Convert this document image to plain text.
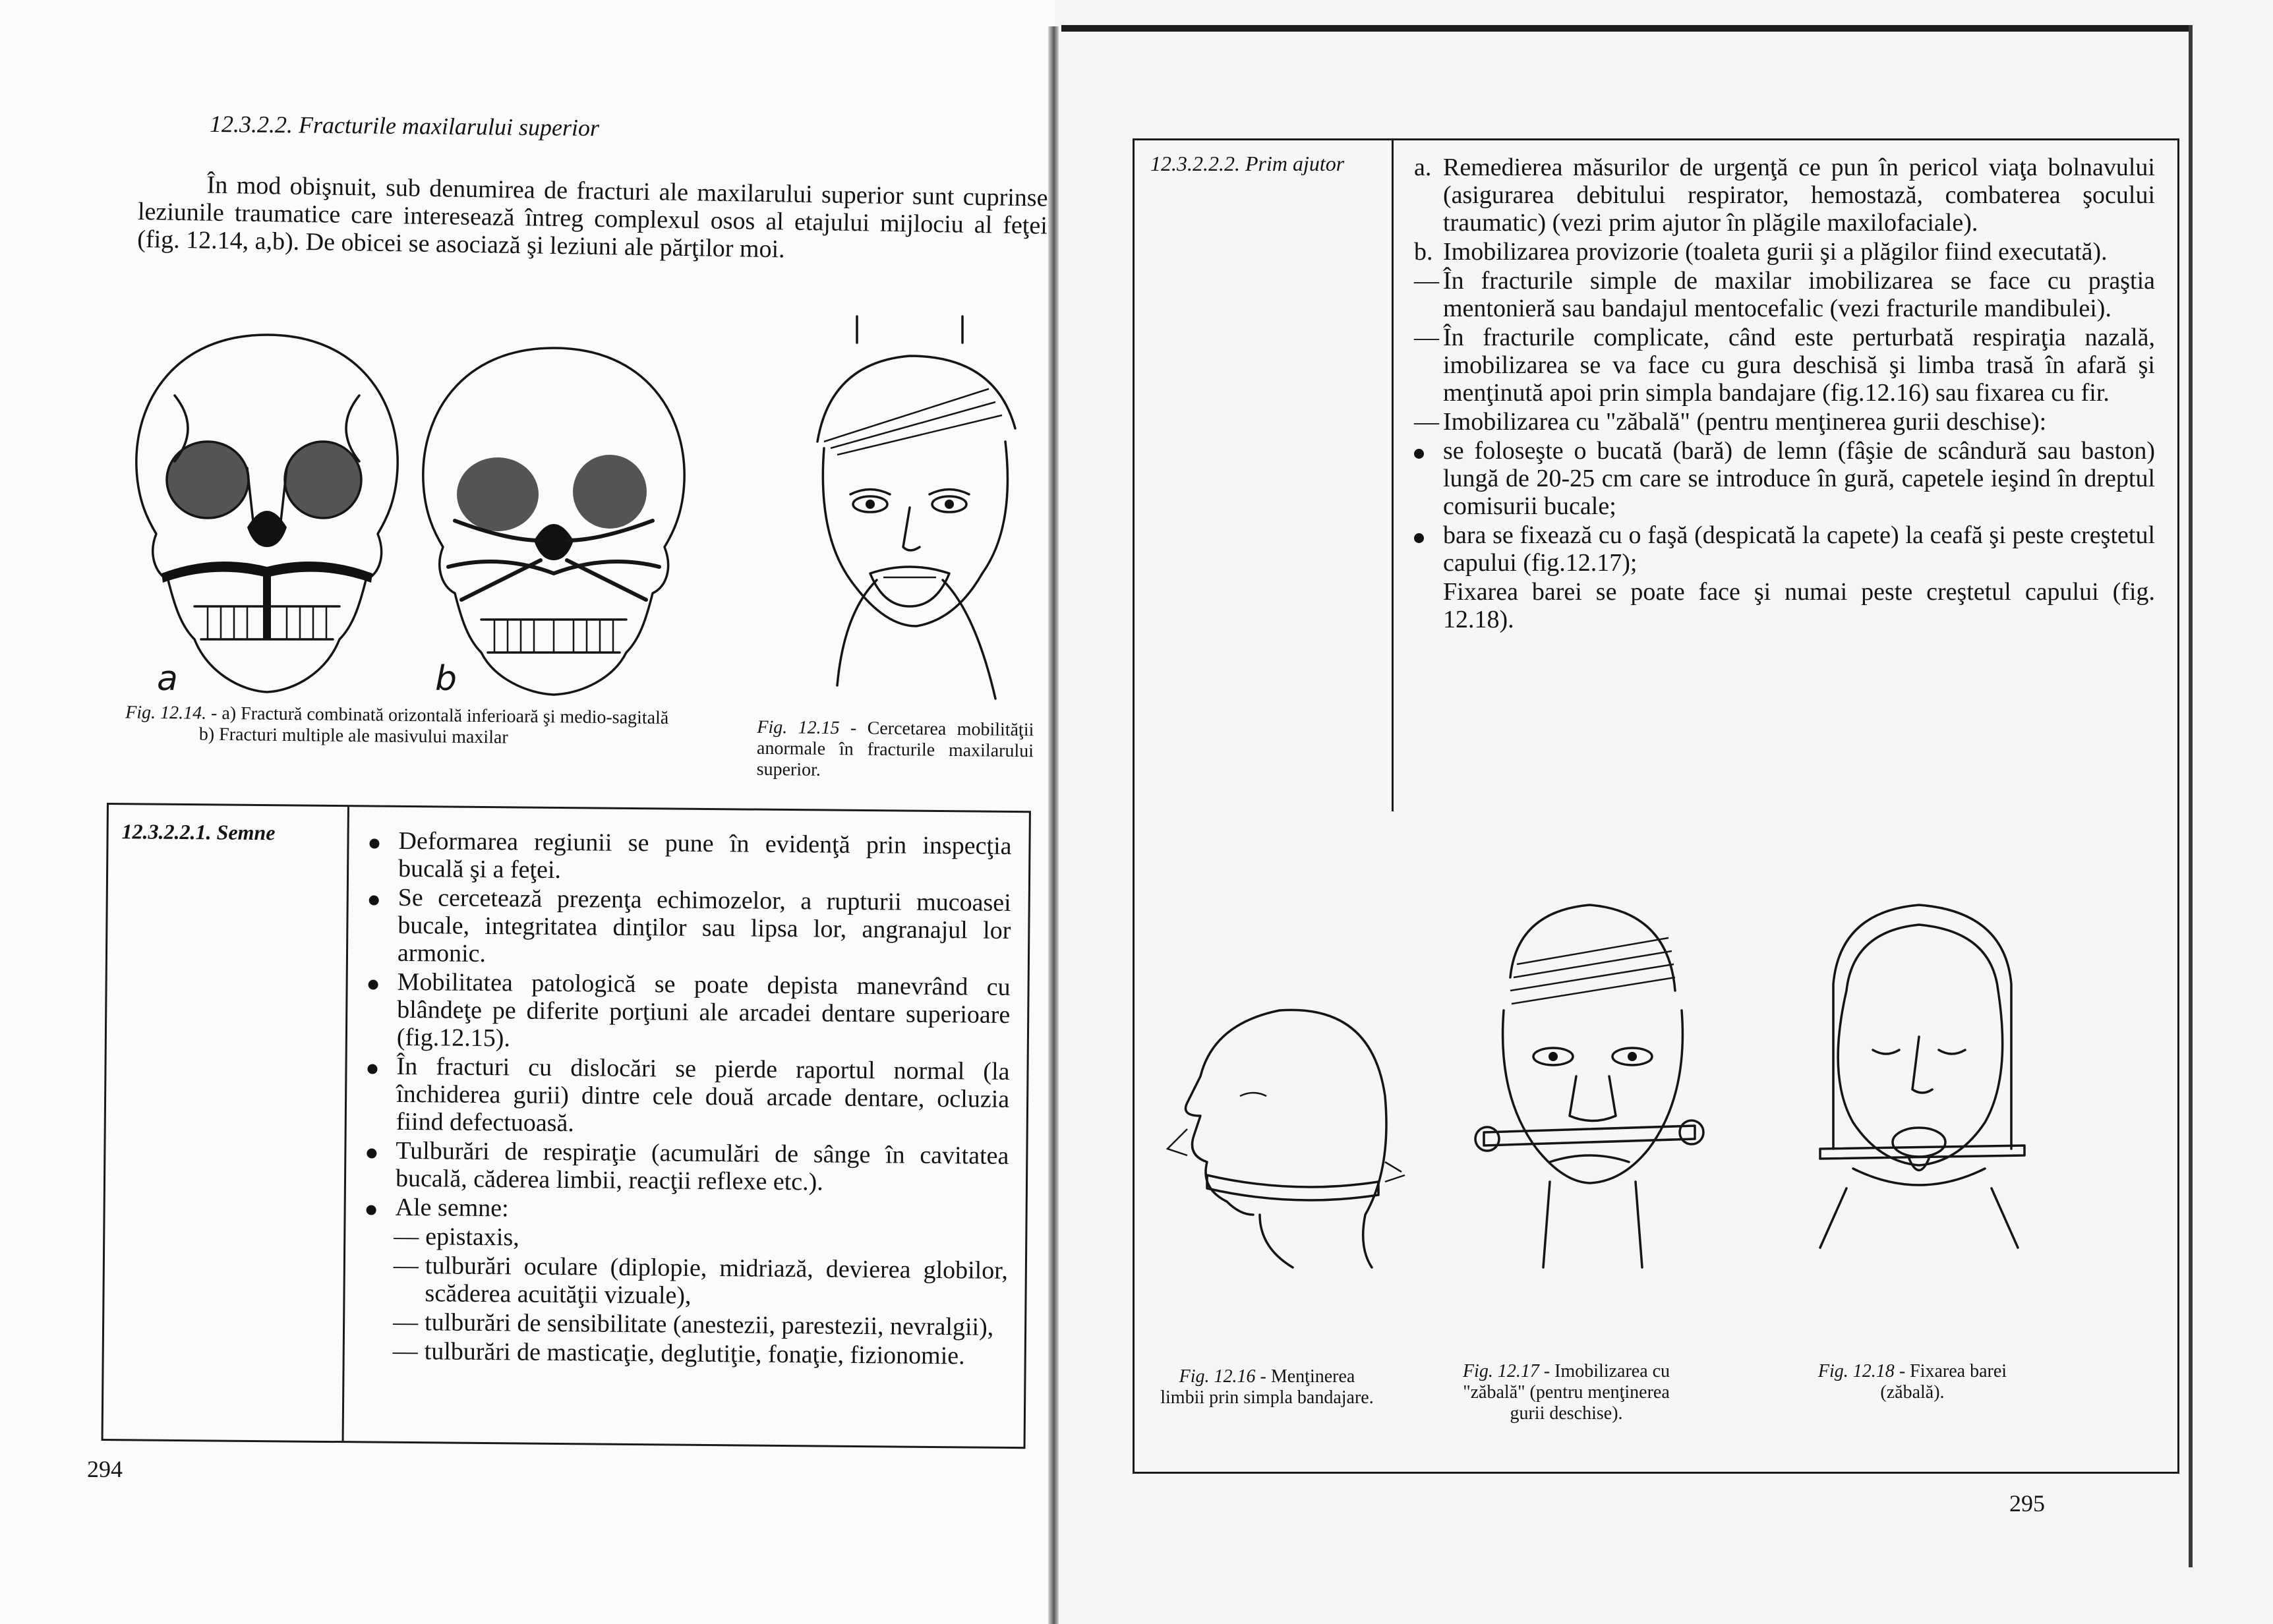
12.3.2.2. Fracturile maxilarului superior
În mod obişnuit, sub denumirea de fracturi ale maxilarului superior sunt cuprinse leziunile traumatice care interesează întreg complexul osos al etajului mijlociu al feţei (fig. 12.14, a,b). De obicei se asociază şi leziuni ale părţilor moi.
a	b
Fig. 12.14. - a) Fractură combinată orizontală inferioară şi medio-sagitală
b) Fracturi multiple ale masivului maxilar	Fig. 12.15 - Cercetarea mobilităţii anormale în fracturile maxilarului superior.
12.3.2.2.1. Semne	Deformarea regiunii se pune în evidenţă prin inspecţia bucală şi a feţei.
Se cercetează prezenţa echimozelor, a rupturii mucoasei bucale, integritatea dinţilor sau lipsa lor, angranajul lor armonic.
Mobilitatea patologică se poate depista manevrând cu blândeţe pe diferite porţiuni ale arcadei dentare superioare (fig.12.15).
În fracturi cu dislocări se pierde raportul normal (la închiderea gurii) dintre cele două arcade dentare, ocluzia fiind defectuoasă.
Tulburări de respiraţie (acumulări de sânge în cavitatea bucală, căderea limbii, reacţii reflexe etc.).
Ale semne:
— epistaxis,
— tulburări oculare (diplopie, midriază, devierea globilor, scăderea acuităţii vizuale),
— tulburări de sensibilitate (anestezii, parestezii, nevralgii),
— tulburări de masticaţie, deglutiţie, fonaţie, fizionomie.
294
12.3.2.2.2. Prim ajutor	a. Remedierea măsurilor de urgenţă ce pun în pericol viaţa bolnavului (asigurarea debitului respirator, hemostază, combaterea şocului traumatic) (vezi prim ajutor în plăgile maxilofaciale).
b. Imobilizarea provizorie (toaleta gurii şi a plăgilor fiind executată).
— În fracturile simple de maxilar imobilizarea se face cu praştia mentonieră sau bandajul mentocefalic (vezi fracturile mandibulei).
— În fracturile complicate, când este perturbată respiraţia nazală, imobilizarea se va face cu gura deschisă şi limba trasă în afară şi menţinută apoi prin simpla bandajare (fig.12.16) sau fixarea cu fir.
— Imobilizarea cu "zăbală" (pentru menţinerea gurii deschise):
se foloseşte o bucată (bară) de lemn (fâşie de scândură sau baston) lungă de 20-25 cm care se introduce în gură, capetele ieşind în dreptul comisurii bucale;
bara se fixează cu o faşă (despicată la capete) la ceafă şi peste creştetul capului (fig.12.17);
Fixarea barei se poate face şi numai peste creştetul capului (fig. 12.18).
Fig. 12.16 - Menţinerea limbii prin simpla bandajare.
Fig. 12.17 - Imobilizarea cu "zăbală" (pentru menţinerea gurii deschise).
Fig. 12.18 - Fixarea barei (zăbală).
295
